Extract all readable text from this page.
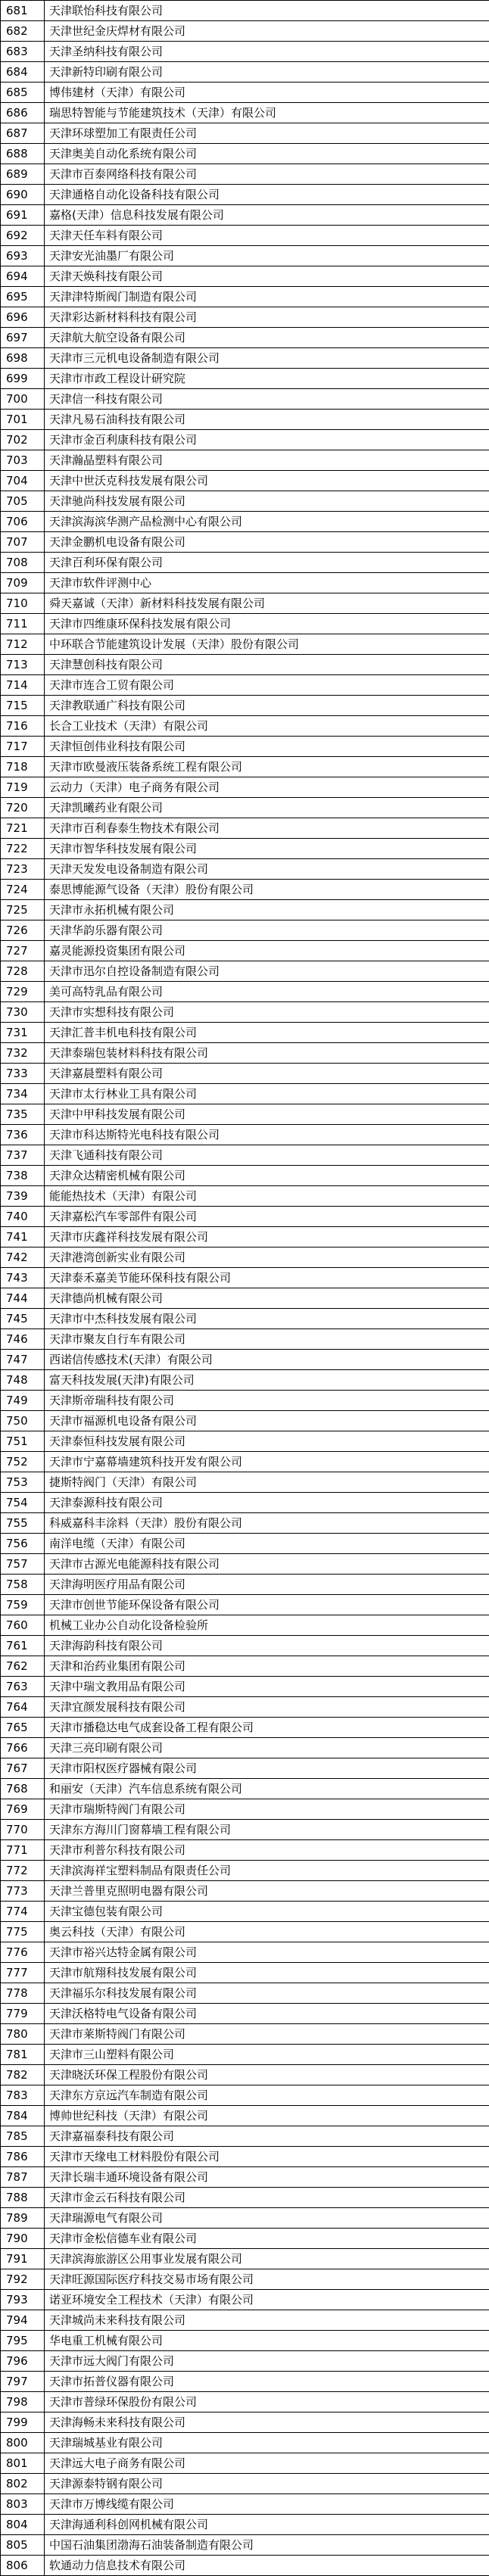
681	天津联怡科技有限公司
682	天津世纪金庆焊材有限公司
683	天津圣纳科技有限公司
684	天津新特印刷有限公司
685	博伟建材（天津）有限公司
686	瑞思特智能与节能建筑技术（天津）有限公司
687	天津环球塑加工有限责任公司
688	天津奥美自动化系统有限公司
689	天津市百泰网络科技有限公司
690	天津通格自动化设备科技有限公司
691	嘉格(天津）信息科技发展有限公司
692	天津天任车料有限公司
693	天津安光油墨厂有限公司
694	天津天焕科技有限公司
695	天津津特斯阀门制造有限公司
696	天津彩达新材料科技有限公司
697	天津航大航空设备有限公司
698	天津市三元机电设备制造有限公司
699	天津市市政工程设计研究院
700	天津信一科技有限公司
701	天津凡易石油科技有限公司
702	天津市金百利康科技有限公司
703	天津瀚晶塑料有限公司
704	天津中世沃克科技发展有限公司
705	天津驰尚科技发展有限公司
706	天津滨海滨华测产品检测中心有限公司
707	天津金鹏机电设备有限公司
708	天津百利环保有限公司
709	天津市软件评测中心
710	舜天嘉诚（天津）新材料科技发展有限公司
711	天津市四维康环保科技发展有限公司
712	中环联合节能建筑设计发展（天津）股份有限公司
713	天津慧创科技有限公司
714	天津市连合工贸有限公司
715	天津教联通广科技有限公司
716	长合工业技术（天津）有限公司
717	天津恒创伟业科技有限公司
718	天津市欧曼液压装备系统工程有限公司
719	云动力（天津）电子商务有限公司
720	天津凯曦药业有限公司
721	天津市百利春泰生物技术有限公司
722	天津市智华科技发展有限公司
723	天津天发发电设备制造有限公司
724	泰思博能源气设备（天津）股份有限公司
725	天津市永拓机械有限公司
726	天津华韵乐器有限公司
727	嘉灵能源投资集团有限公司
728	天津市迅尔自控设备制造有限公司
729	美可高特乳品有限公司
730	天津市实想科技有限公司
731	天津汇普丰机电科技有限公司
732	天津泰瑞包装材料科技有限公司
733	天津嘉晨塑料有限公司
734	天津市太行林业工具有限公司
735	天津中甲科技发展有限公司
736	天津市科达斯特光电科技有限公司
737	天津飞通科技有限公司
738	天津众达精密机械有限公司
739	能能热技术（天津）有限公司
740	天津嘉松汽车零部件有限公司
741	天津市庆鑫祥科技发展有限公司
742	天津港湾创新实业有限公司
743	天津泰禾嘉美节能环保科技有限公司
744	天津德尚机械有限公司
745	天津市中杰科技发展有限公司
746	天津市聚友自行车有限公司
747	西诺信传感技术(天津）有限公司
748	富天科技发展(天津)有限公司
749	天津斯帝瑞科技有限公司
750	天津市福源机电设备有限公司
751	天津泰恒科技发展有限公司
752	天津市宁嘉幕墙建筑科技开发有限公司
753	捷斯特阀门（天津）有限公司
754	天津泰源科技有限公司
755	科威嘉科丰涂料（天津）股份有限公司
756	南洋电缆（天津）有限公司
757	天津市古源光电能源科技有限公司
758	天津海明医疗用品有限公司
759	天津市创世节能环保设备有限公司
760	机械工业办公自动化设备检验所
761	天津海韵科技有限公司
762	天津和治药业集团有限公司
763	天津中瑞文教用品有限公司
764	天津宜颜发展科技有限公司
765	天津市播稳达电气成套设备工程有限公司
766	天津三亮印刷有限公司
767	天津市阳权医疗器械有限公司
768	和丽安（天津）汽车信息系统有限公司
769	天津市瑞斯特阀门有限公司
770	天津东方海川门窗幕墙工程有限公司
771	天津市利普尔科技有限公司
772	天津滨海祥宝塑料制品有限责任公司
773	天津兰普里克照明电器有限公司
774	天津宝德包装有限公司
775	奥云科技（天津）有限公司
776	天津市裕兴达特金属有限公司
777	天津市航翔科技发展有限公司
778	天津福乐尔科技发展有限公司
779	天津沃格特电气设备有限公司
780	天津市莱斯特阀门有限公司
781	天津市三山塑料有限公司
782	天津晓沃环保工程股份有限公司
783	天津东方京远汽车制造有限公司
784	博帅世纪科技（天津）有限公司
785	天津嘉福泰科技有限公司
786	天津市天缘电工材料股份有限公司
787	天津长瑞丰通环境设备有限公司
788	天津市金云石科技有限公司
789	天津瑞源电气有限公司
790	天津市金松信德车业有限公司
791	天津滨海旅游区公用事业发展有限公司
792	天津旺源国际医疗科技交易市场有限公司
793	诺亚环境安全工程技术（天津）有限公司
794	天津城尚未来科技有限公司
795	华电重工机械有限公司
796	天津市远大阀门有限公司
797	天津市拓普仪器有限公司
798	天津市普绿环保股份有限公司
799	天津海畅未来科技有限公司
800	天津瑞城基业有限公司
801	天津远大电子商务有限公司
802	天津源泰特钢有限公司
803	天津市万博线缆有限公司
804	天津海通利科创网机械有限公司
805	中国石油集团渤海石油装备制造有限公司
806	软通动力信息技术有限公司
